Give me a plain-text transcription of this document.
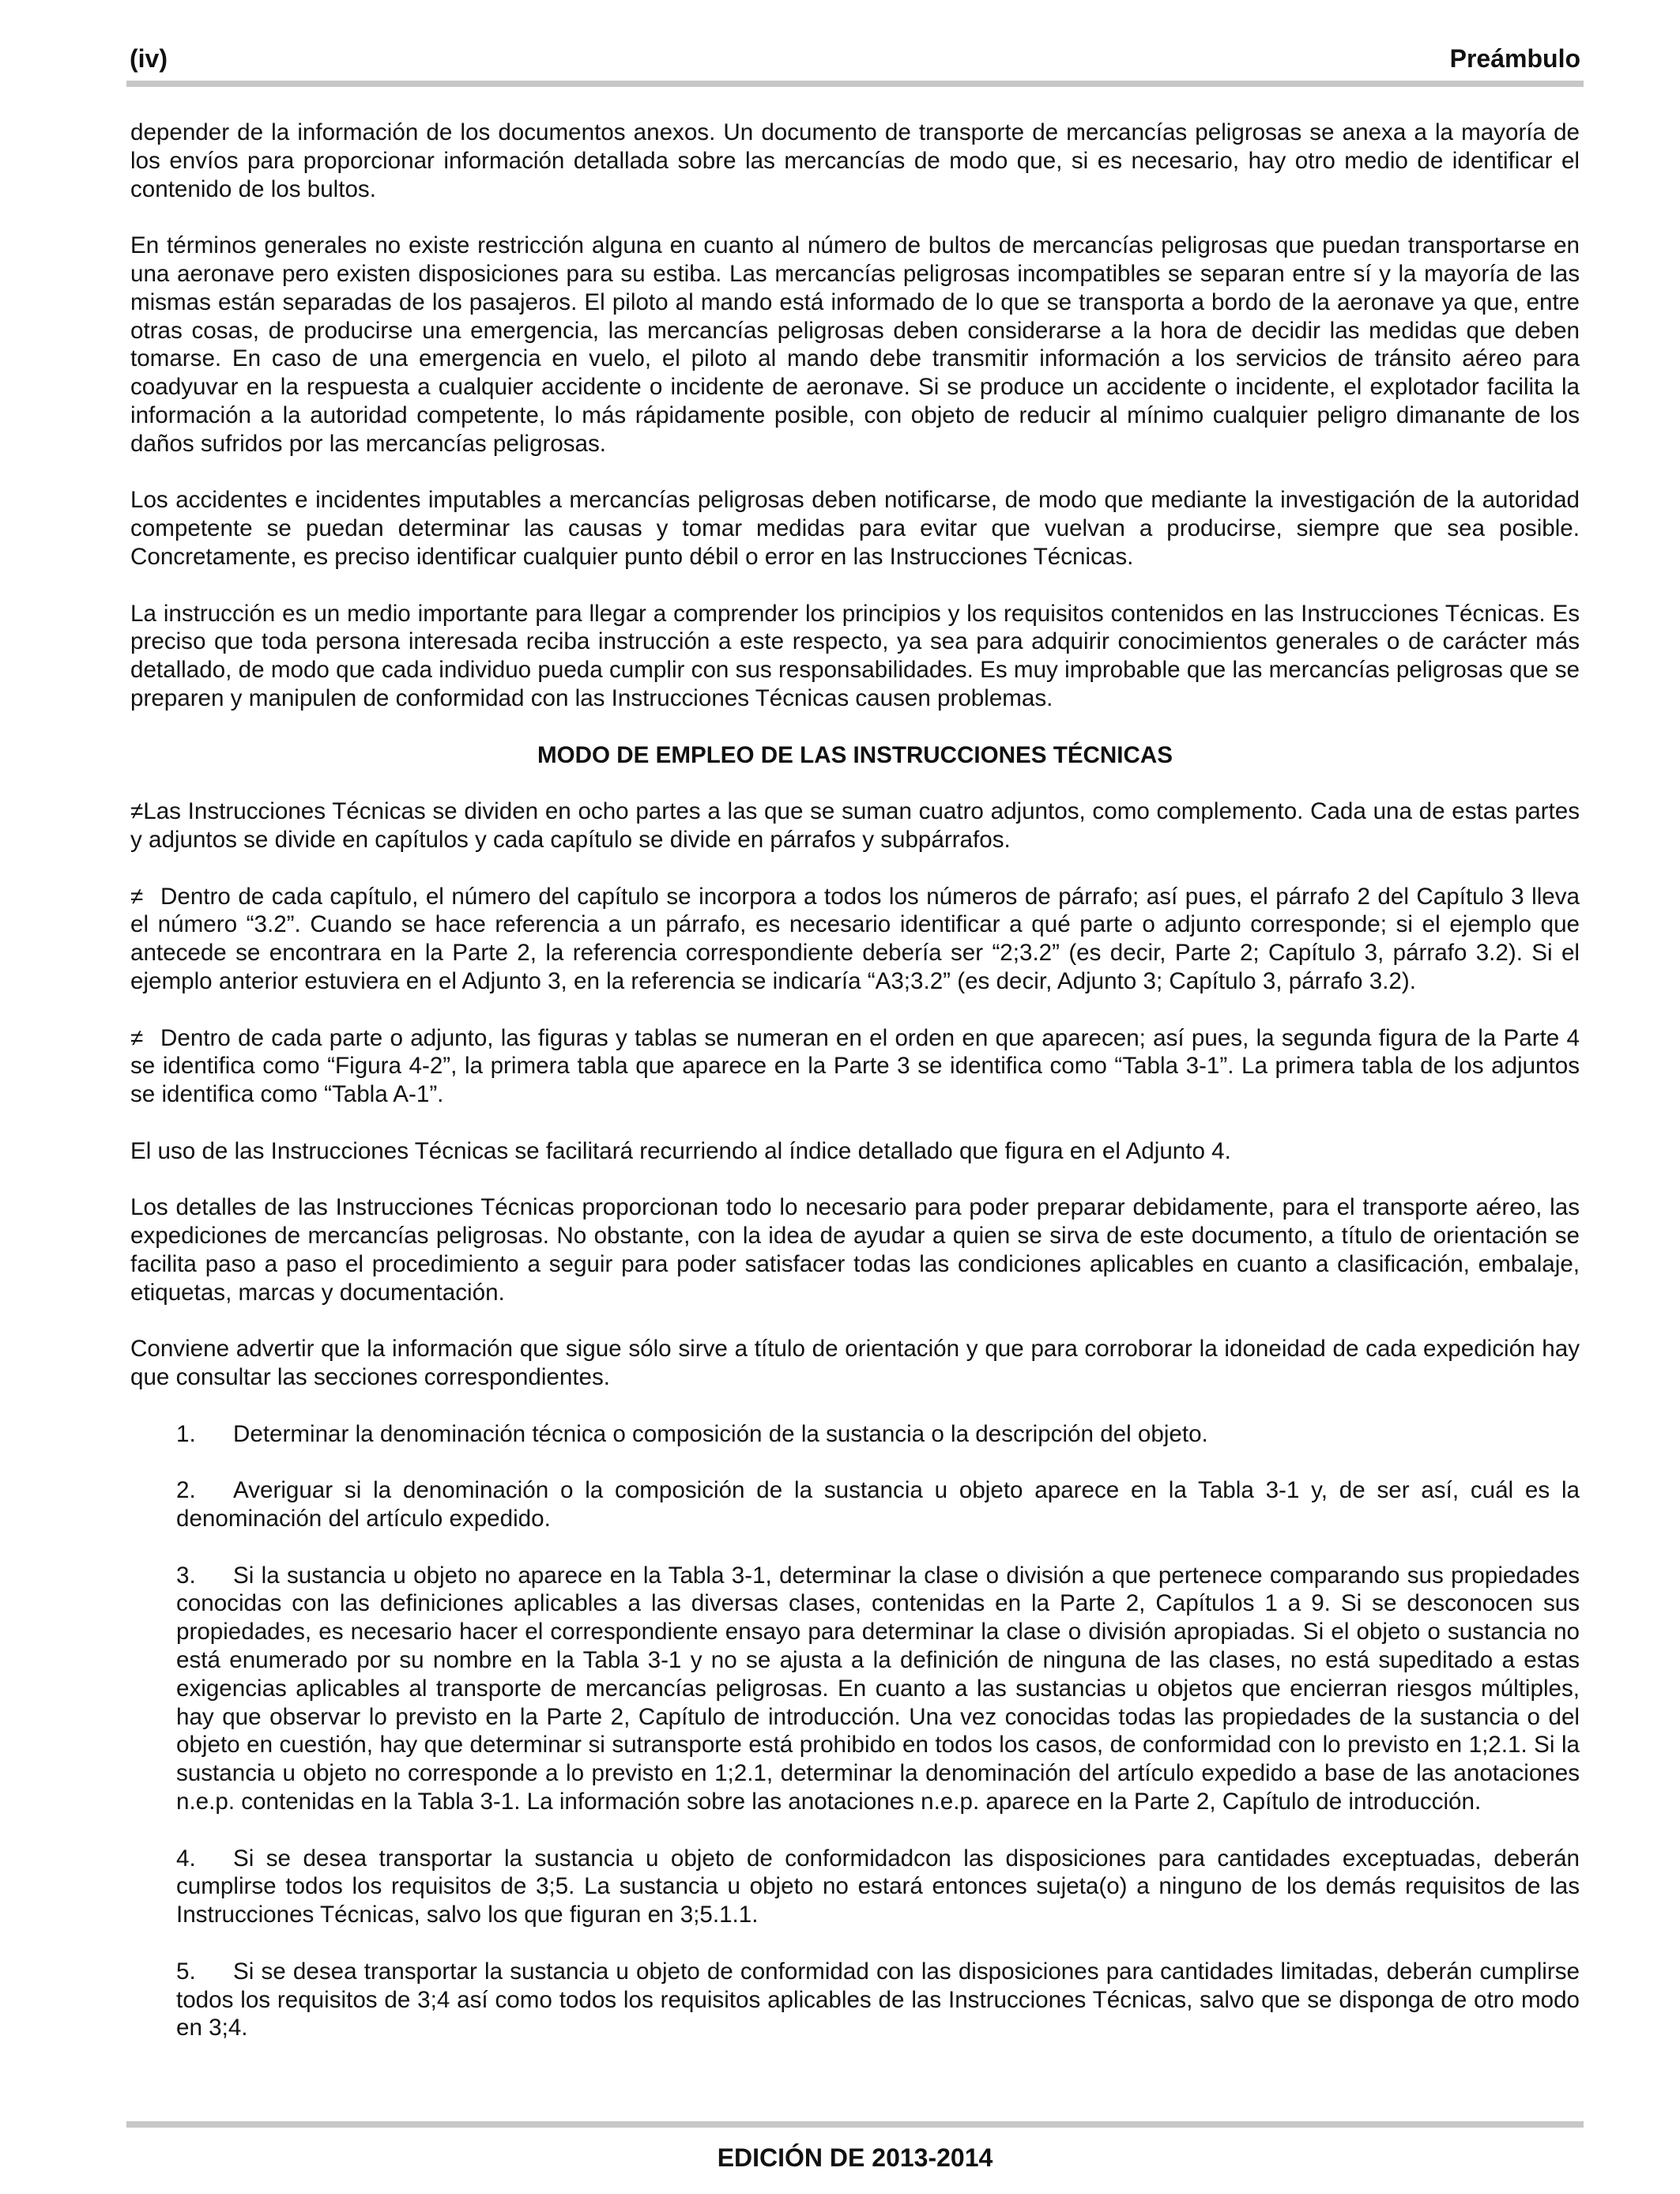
(iv)	Preámbulo

depender de la información de los documentos anexos. Un documento de transporte de mercancías peligrosas se anexa a la mayoría de los envíos para proporcionar información detallada sobre las mercancías de modo que, si es necesario, hay otro medio de identificar el contenido de los bultos.

En términos generales no existe restricción alguna en cuanto al número de bultos de mercancías peligrosas que puedan transportarse en una aeronave pero existen disposiciones para su estiba. Las mercancías peligrosas incompatibles se separan entre sí y la mayoría de las mismas están separadas de los pasajeros. El piloto al mando está informado de lo que se transporta a bordo de la aeronave ya que, entre otras cosas, de producirse una emergencia, las mercancías peligrosas deben considerarse a la hora de decidir las medidas que deben tomarse. En caso de una emergencia en vuelo, el piloto al mando debe transmitir información a los servicios de tránsito aéreo para coadyuvar en la respuesta a cualquier accidente o incidente de aeronave. Si se produce un accidente o incidente, el explotador facilita la información a la autoridad competente, lo más rápidamente posible, con objeto de reducir al mínimo cualquier peligro dimanante de los daños sufridos por las mercancías peligrosas.

Los accidentes e incidentes imputables a mercancías peligrosas deben notificarse, de modo que mediante la investigación de la autoridad competente se puedan determinar las causas y tomar medidas para evitar que vuelvan a producirse, siempre que sea posible. Concretamente, es preciso identificar cualquier punto débil o error en las Instrucciones Técnicas.

La instrucción es un medio importante para llegar a comprender los principios y los requisitos contenidos en las Instrucciones Técnicas. Es preciso que toda persona interesada reciba instrucción a este respecto, ya sea para adquirir conocimientos generales o de carácter más detallado, de modo que cada individuo pueda cumplir con sus responsabilidades. Es muy improbable que las mercancías peligrosas que se preparen y manipulen de conformidad con las Instrucciones Técnicas causen problemas.

MODO DE EMPLEO DE LAS INSTRUCCIONES TÉCNICAS

≠Las Instrucciones Técnicas se dividen en ocho partes a las que se suman cuatro adjuntos, como complemento. Cada una de estas partes y adjuntos se divide en capítulos y cada capítulo se divide en párrafos y subpárrafos.

≠ Dentro de cada capítulo, el número del capítulo se incorpora a todos los números de párrafo; así pues, el párrafo 2 del Capítulo 3 lleva el número “3.2”. Cuando se hace referencia a un párrafo, es necesario identificar a qué parte o adjunto corresponde; si el ejemplo que antecede se encontrara en la Parte 2, la referencia correspondiente debería ser “2;3.2” (es decir, Parte 2; Capítulo 3, párrafo 3.2). Si el ejemplo anterior estuviera en el Adjunto 3, en la referencia se indicaría “A3;3.2” (es decir, Adjunto 3; Capítulo 3, párrafo 3.2).

≠ Dentro de cada parte o adjunto, las figuras y tablas se numeran en el orden en que aparecen; así pues, la segunda figura de la Parte 4 se identifica como “Figura 4-2”, la primera tabla que aparece en la Parte 3 se identifica como “Tabla 3-1”. La primera tabla de los adjuntos se identifica como “Tabla A-1”.

El uso de las Instrucciones Técnicas se facilitará recurriendo al índice detallado que figura en el Adjunto 4.

Los detalles de las Instrucciones Técnicas proporcionan todo lo necesario para poder preparar debidamente, para el transporte aéreo, las expediciones de mercancías peligrosas. No obstante, con la idea de ayudar a quien se sirva de este documento, a título de orientación se facilita paso a paso el procedimiento a seguir para poder satisfacer todas las condiciones aplicables en cuanto a clasificación, embalaje, etiquetas, marcas y documentación.

Conviene advertir que la información que sigue sólo sirve a título de orientación y que para corroborar la idoneidad de cada expedición hay que consultar las secciones correspondientes.

1. Determinar la denominación técnica o composición de la sustancia o la descripción del objeto.

2. Averiguar si la denominación o la composición de la sustancia u objeto aparece en la Tabla 3-1 y, de ser así, cuál es la denominación del artículo expedido.

3. Si la sustancia u objeto no aparece en la Tabla 3-1, determinar la clase o división a que pertenece comparando sus propiedades conocidas con las definiciones aplicables a las diversas clases, contenidas en la Parte 2, Capítulos 1 a 9. Si se desconocen sus propiedades, es necesario hacer el correspondiente ensayo para determinar la clase o división apropiadas. Si el objeto o sustancia no está enumerado por su nombre en la Tabla 3-1 y no se ajusta a la definición de ninguna de las clases, no está supeditado a estas exigencias aplicables al transporte de mercancías peligrosas. En cuanto a las sustancias u objetos que encierran riesgos múltiples, hay que observar lo previsto en la Parte 2, Capítulo de introducción. Una vez conocidas todas las propiedades de la sustancia o del objeto en cuestión, hay que determinar si sutransporte está prohibido en todos los casos, de conformidad con lo previsto en 1;2.1. Si la sustancia u objeto no corresponde a lo previsto en 1;2.1, determinar la denominación del artículo expedido a base de las anotaciones n.e.p. contenidas en la Tabla 3-1. La información sobre las anotaciones n.e.p. aparece en la Parte 2, Capítulo de introducción.

4. Si se desea transportar la sustancia u objeto de conformidadcon las disposiciones para cantidades exceptuadas, deberán cumplirse todos los requisitos de 3;5. La sustancia u objeto no estará entonces sujeta(o) a ninguno de los demás requisitos de las Instrucciones Técnicas, salvo los que figuran en 3;5.1.1.

5. Si se desea transportar la sustancia u objeto de conformidad con las disposiciones para cantidades limitadas, deberán cumplirse todos los requisitos de 3;4 así como todos los requisitos aplicables de las Instrucciones Técnicas, salvo que se disponga de otro modo en 3;4.

EDICIÓN DE 2013-2014
